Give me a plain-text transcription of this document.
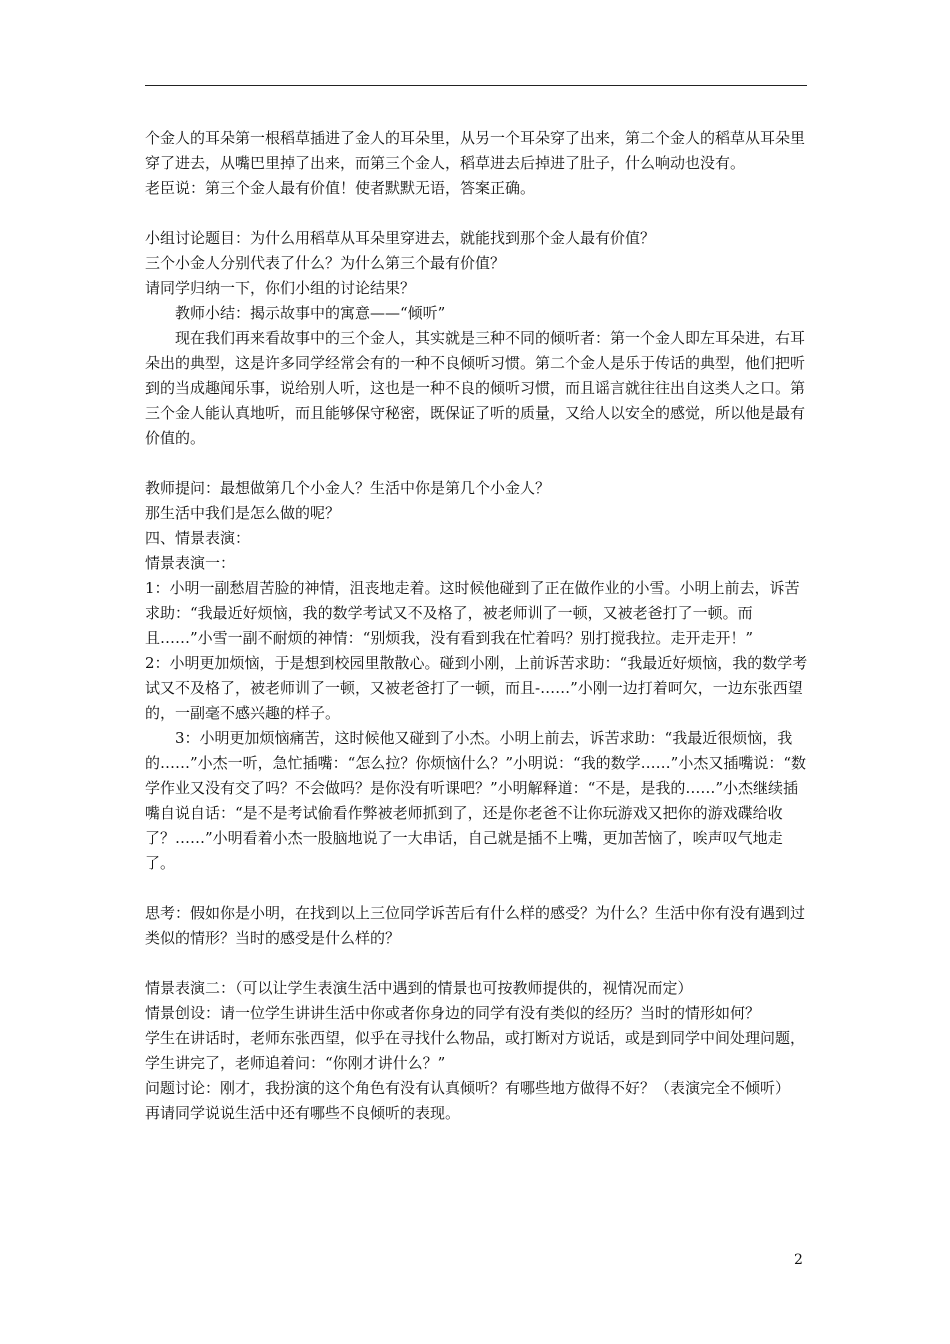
个金人的耳朵第一根稻草插进了金人的耳朵里，从另一个耳朵穿了出来，第二个金人的稻草从耳朵里穿了进去，从嘴巴里掉了出来，而第三个金人，稻草进去后掉进了肚子，什么响动也没有。

老臣说：第三个金人最有价值！使者默默无语，答案正确。

小组讨论题目：为什么用稻草从耳朵里穿进去，就能找到那个金人最有价值？

三个小金人分别代表了什么？为什么第三个最有价值？

请同学归纳一下，你们小组的讨论结果？

教师小结：揭示故事中的寓意——“倾听”

现在我们再来看故事中的三个金人，其实就是三种不同的倾听者：第一个金人即左耳朵进，右耳朵出的典型，这是许多同学经常会有的一种不良倾听习惯。第二个金人是乐于传话的典型，他们把听到的当成趣闻乐事，说给别人听，这也是一种不良的倾听习惯，而且谣言就往往出自这类人之口。第三个金人能认真地听，而且能够保守秘密，既保证了听的质量，又给人以安全的感觉，所以他是最有价值的。

教师提问：最想做第几个小金人？生活中你是第几个小金人？

那生活中我们是怎么做的呢？

四、情景表演：

情景表演一：

1：小明一副愁眉苦脸的神情，沮丧地走着。这时候他碰到了正在做作业的小雪。小明上前去，诉苦求助：“我最近好烦恼，我的数学考试又不及格了，被老师训了一顿，又被老爸打了一顿。而且……”小雪一副不耐烦的神情：“别烦我，没有看到我在忙着吗？别打搅我拉。走开走开！”

2：小明更加烦恼，于是想到校园里散散心。碰到小刚，上前诉苦求助：“我最近好烦恼，我的数学考试又不及格了，被老师训了一顿，又被老爸打了一顿，而且-……”小刚一边打着呵欠，一边东张西望的，一副毫不感兴趣的样子。

3：小明更加烦恼痛苦，这时候他又碰到了小杰。小明上前去，诉苦求助：“我最近很烦恼，我的……”小杰一听，急忙插嘴：“怎么拉？你烦恼什么？”小明说：“我的数学……”小杰又插嘴说：“数学作业又没有交了吗？不会做吗？是你没有听课吧？”小明解释道：“不是，是我的……”小杰继续插嘴自说自话：“是不是考试偷看作弊被老师抓到了，还是你老爸不让你玩游戏又把你的游戏碟给收了？……”小明看着小杰一股脑地说了一大串话，自己就是插不上嘴，更加苦恼了，唉声叹气地走了。

思考：假如你是小明，在找到以上三位同学诉苦后有什么样的感受？为什么？生活中你有没有遇到过类似的情形？当时的感受是什么样的？

情景表演二：（可以让学生表演生活中遇到的情景也可按教师提供的，视情况而定）

情景创设：请一位学生讲讲生活中你或者你身边的同学有没有类似的经历？当时的情形如何？

学生在讲话时，老师东张西望，似乎在寻找什么物品，或打断对方说话，或是到同学中间处理问题，学生讲完了，老师追着问：“你刚才讲什么？”

问题讨论：刚才，我扮演的这个角色有没有认真倾听？有哪些地方做得不好？（表演完全不倾听）

再请同学说说生活中还有哪些不良倾听的表现。

2
